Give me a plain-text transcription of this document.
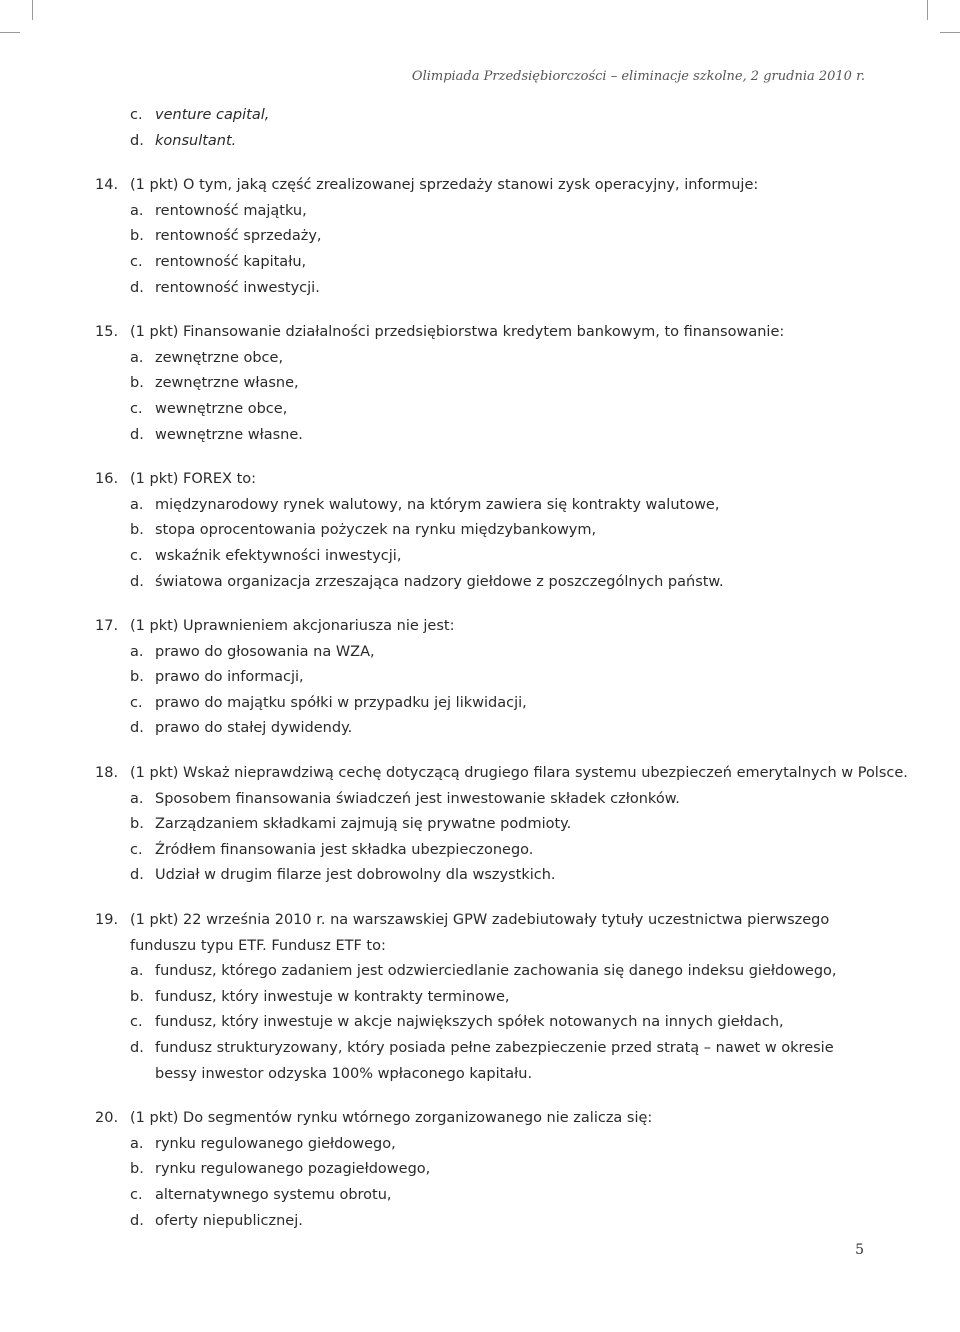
Olimpiada Przedsiębiorczości – eliminacje szkolne, 2 grudnia 2010 r.
c. venture capital,
d. konsultant.
14. (1 pkt) O tym, jaką część zrealizowanej sprzedaży stanowi zysk operacyjny, informuje:
a. rentowność majątku,
b. rentowność sprzedaży,
c. rentowność kapitału,
d. rentowność inwestycji.
15. (1 pkt) Finansowanie działalności przedsiębiorstwa kredytem bankowym, to finansowanie:
a. zewnętrzne obce,
b. zewnętrzne własne,
c. wewnętrzne obce,
d. wewnętrzne własne.
16. (1 pkt) FOREX to:
a. międzynarodowy rynek walutowy, na którym zawiera się kontrakty walutowe,
b. stopa oprocentowania pożyczek na rynku międzybankowym,
c. wskaźnik efektywności inwestycji,
d. światowa organizacja zrzeszająca nadzory giełdowe z poszczególnych państw.
17. (1 pkt) Uprawnieniem akcjonariusza nie jest:
a. prawo do głosowania na WZA,
b. prawo do informacji,
c. prawo do majątku spółki w przypadku jej likwidacji,
d. prawo do stałej dywidendy.
18. (1 pkt) Wskaż nieprawdziwą cechę dotyczącą drugiego filara systemu ubezpieczeń emerytalnych w Polsce.
a. Sposobem finansowania świadczeń jest inwestowanie składek członków.
b. Zarządzaniem składkami zajmują się prywatne podmioty.
c. Źródłem finansowania jest składka ubezpieczonego.
d. Udział w drugim filarze jest dobrowolny dla wszystkich.
19. (1 pkt) 22 września 2010 r. na warszawskiej GPW zadebiutowały tytuły uczestnictwa pierwszego funduszu typu ETF. Fundusz ETF to:
a. fundusz, którego zadaniem jest odzwierciedlanie zachowania się danego indeksu giełdowego,
b. fundusz, który inwestuje w kontrakty terminowe,
c. fundusz, który inwestuje w akcje największych spółek notowanych na innych giełdach,
d. fundusz strukturyzowany, który posiada pełne zabezpieczenie przed stratą – nawet w okresie bessy inwestor odzyska 100% wpłaconego kapitału.
20. (1 pkt) Do segmentów rynku wtórnego zorganizowanego nie zalicza się:
a. rynku regulowanego giełdowego,
b. rynku regulowanego pozagiełdowego,
c. alternatywnego systemu obrotu,
d. oferty niepublicznej.
5
